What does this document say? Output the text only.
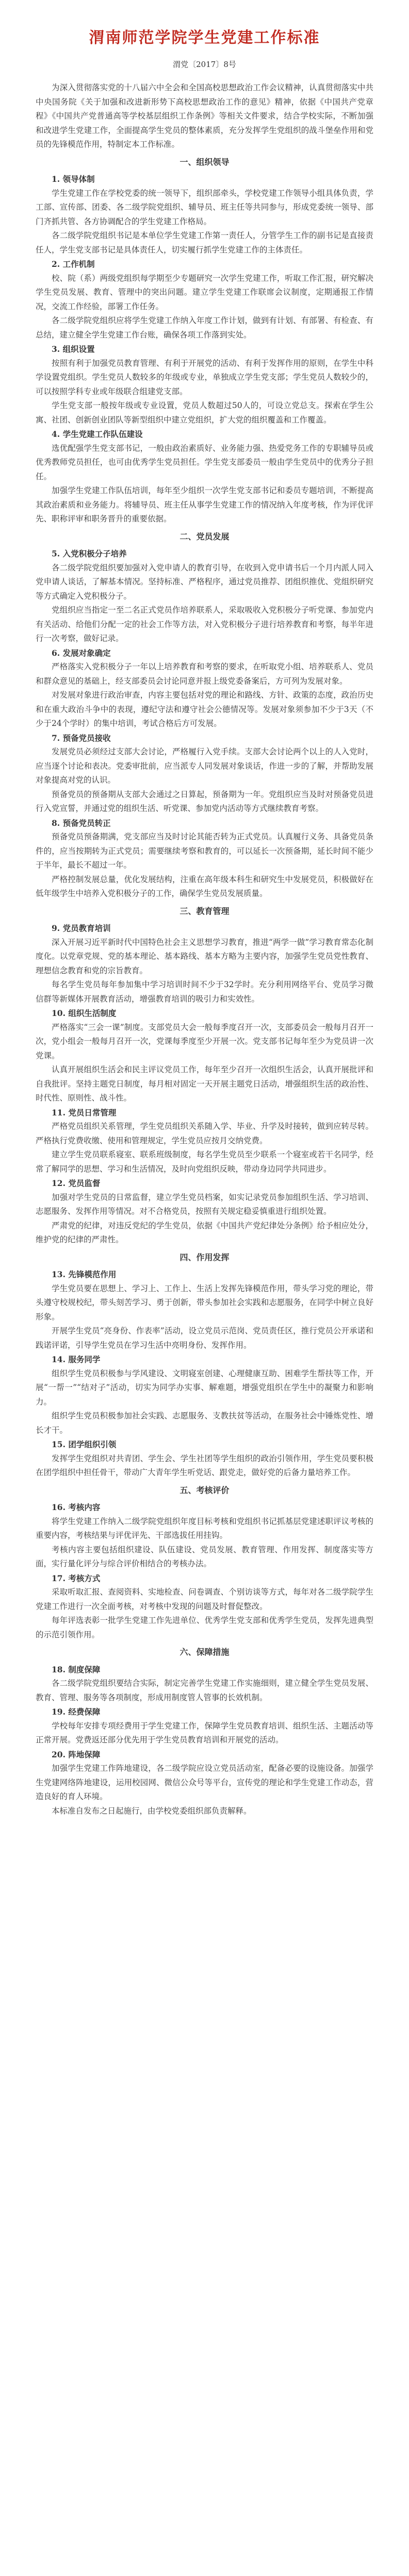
渭南师范学院学生党建工作标准
渭党〔2017〕8号

为深入贯彻落实党的十八届六中全会和全国高校思想政治工作会议精神，认真贯彻落实中共中央国务院《关于加强和改进新形势下高校思想政治工作的意见》精神，依据《中国共产党章程》《中国共产党普通高等学校基层组织工作条例》等相关文件要求，结合学校实际，不断加强和改进学生党建工作，全面提高学生党员的整体素质，充分发挥学生党组织的战斗堡垒作用和党员的先锋模范作用，特制定本工作标准。

一、组织领导

1. 领导体制

学生党建工作在学校党委的统一领导下，组织部牵头，学校党建工作领导小组具体负责，学工部、宣传部、团委、各二级学院党组织、辅导员、班主任等共同参与，形成党委统一领导、部门齐抓共管、各方协调配合的学生党建工作格局。

各二级学院党组织书记是本单位学生党建工作第一责任人，分管学生工作的副书记是直接责任人，学生党支部书记是具体责任人，切实履行抓学生党建工作的主体责任。

2. 工作机制

校、院（系）两级党组织每学期至少专题研究一次学生党建工作，听取工作汇报，研究解决学生党员发展、教育、管理中的突出问题。建立学生党建工作联席会议制度，定期通报工作情况，交流工作经验，部署工作任务。

各二级学院党组织应将学生党建工作纳入年度工作计划，做到有计划、有部署、有检查、有总结，建立健全学生党建工作台账，确保各项工作落到实处。

3. 组织设置

按照有利于加强党员教育管理、有利于开展党的活动、有利于发挥作用的原则，在学生中科学设置党组织。学生党员人数较多的年级或专业，单独成立学生党支部；学生党员人数较少的，可以按照学科专业或年级联合组建党支部。

学生党支部一般按年级或专业设置，党员人数超过50人的，可设立党总支。探索在学生公寓、社团、创新创业团队等新型组织中建立党组织，扩大党的组织覆盖和工作覆盖。

4. 学生党建工作队伍建设

选优配强学生党支部书记，一般由政治素质好、业务能力强、热爱党务工作的专职辅导员或优秀教师党员担任，也可由优秀学生党员担任。学生党支部委员一般由学生党员中的优秀分子担任。

加强学生党建工作队伍培训，每年至少组织一次学生党支部书记和委员专题培训，不断提高其政治素质和业务能力。将辅导员、班主任从事学生党建工作的情况纳入年度考核，作为评优评先、职称评审和职务晋升的重要依据。

二、党员发展

5. 入党积极分子培养

各二级学院党组织要加强对入党申请人的教育引导，在收到入党申请书后一个月内派人同入党申请人谈话，了解基本情况。坚持标准、严格程序，通过党员推荐、团组织推优、党组织研究等方式确定入党积极分子。

党组织应当指定一至二名正式党员作培养联系人，采取吸收入党积极分子听党课、参加党内有关活动、给他们分配一定的社会工作等方法，对入党积极分子进行培养教育和考察，每半年进行一次考察，做好记录。

6. 发展对象确定

严格落实入党积极分子一年以上培养教育和考察的要求，在听取党小组、培养联系人、党员和群众意见的基础上，经支部委员会讨论同意并报上级党委备案后，方可列为发展对象。

对发展对象进行政治审查，内容主要包括对党的理论和路线、方针、政策的态度，政治历史和在重大政治斗争中的表现，遵纪守法和遵守社会公德情况等。发展对象须参加不少于3天（不少于24个学时）的集中培训，考试合格后方可发展。

7. 预备党员接收

发展党员必须经过支部大会讨论，严格履行入党手续。支部大会讨论两个以上的人入党时，应当逐个讨论和表决。党委审批前，应当派专人同发展对象谈话，作进一步的了解，并帮助发展对象提高对党的认识。

预备党员的预备期从支部大会通过之日算起，预备期为一年。党组织应当及时对预备党员进行入党宣誓，并通过党的组织生活、听党课、参加党内活动等方式继续教育考察。

8. 预备党员转正

预备党员预备期满，党支部应当及时讨论其能否转为正式党员。认真履行义务、具备党员条件的，应当按期转为正式党员；需要继续考察和教育的，可以延长一次预备期，延长时间不能少于半年，最长不超过一年。

严格控制发展总量，优化发展结构，注重在高年级本科生和研究生中发展党员，积极做好在低年级学生中培养入党积极分子的工作，确保学生党员发展质量。

三、教育管理

9. 党员教育培训

深入开展习近平新时代中国特色社会主义思想学习教育，推进“两学一做”学习教育常态化制度化。以党章党规、党的基本理论、基本路线、基本方略为主要内容，加强学生党员党性教育、理想信念教育和党的宗旨教育。

每名学生党员每年参加集中学习培训时间不少于32学时。充分利用网络平台、党员学习微信群等新媒体开展教育活动，增强教育培训的吸引力和实效性。

10. 组织生活制度

严格落实“三会一课”制度。支部党员大会一般每季度召开一次，支部委员会一般每月召开一次，党小组会一般每月召开一次，党课每季度至少开展一次。党支部书记每年至少为党员讲一次党课。

认真开展组织生活会和民主评议党员工作，每年至少召开一次组织生活会，认真开展批评和自我批评。坚持主题党日制度，每月相对固定一天开展主题党日活动，增强组织生活的政治性、时代性、原则性、战斗性。

11. 党员日常管理

严格党员组织关系管理，学生党员组织关系随入学、毕业、升学及时接转，做到应转尽转。严格执行党费收缴、使用和管理规定，学生党员应按月交纳党费。

建立学生党员联系寝室、联系班级制度，每名学生党员至少联系一个寝室或若干名同学，经常了解同学的思想、学习和生活情况，及时向党组织反映，带动身边同学共同进步。

12. 党员监督

加强对学生党员的日常监督，建立学生党员档案，如实记录党员参加组织生活、学习培训、志愿服务、发挥作用等情况。对不合格党员，按照有关规定稳妥慎重进行组织处置。

严肃党的纪律，对违反党纪的学生党员，依据《中国共产党纪律处分条例》给予相应处分，维护党的纪律的严肃性。

四、作用发挥

13. 先锋模范作用

学生党员要在思想上、学习上、工作上、生活上发挥先锋模范作用，带头学习党的理论，带头遵守校规校纪，带头刻苦学习、勇于创新，带头参加社会实践和志愿服务，在同学中树立良好形象。

开展学生党员“亮身份、作表率”活动，设立党员示范岗、党员责任区，推行党员公开承诺和践诺评诺，引导学生党员在学习生活中亮明身份、发挥作用。

14. 服务同学

组织学生党员积极参与学风建设、文明寝室创建、心理健康互助、困难学生帮扶等工作，开展“一帮一”“结对子”活动，切实为同学办实事、解难题，增强党组织在学生中的凝聚力和影响力。

组织学生党员积极参加社会实践、志愿服务、支教扶贫等活动，在服务社会中锤炼党性、增长才干。

15. 团学组织引领

发挥学生党组织对共青团、学生会、学生社团等学生组织的政治引领作用，学生党员要积极在团学组织中担任骨干，带动广大青年学生听党话、跟党走，做好党的后备力量培养工作。

五、考核评价

16. 考核内容

将学生党建工作纳入二级学院党组织年度目标考核和党组织书记抓基层党建述职评议考核的重要内容，考核结果与评优评先、干部选拔任用挂钩。

考核内容主要包括组织建设、队伍建设、党员发展、教育管理、作用发挥、制度落实等方面，实行量化评分与综合评价相结合的考核办法。

17. 考核方式

采取听取汇报、查阅资料、实地检查、问卷调查、个别访谈等方式，每年对各二级学院学生党建工作进行一次全面考核，对考核中发现的问题及时督促整改。

每年评选表彰一批学生党建工作先进单位、优秀学生党支部和优秀学生党员，发挥先进典型的示范引领作用。

六、保障措施

18. 制度保障

各二级学院党组织要结合实际，制定完善学生党建工作实施细则，建立健全学生党员发展、教育、管理、服务等各项制度，形成用制度管人管事的长效机制。

19. 经费保障

学校每年安排专项经费用于学生党建工作，保障学生党员教育培训、组织生活、主题活动等正常开展。党费返还部分优先用于学生党员教育培训和开展党的活动。

20. 阵地保障

加强学生党建工作阵地建设，各二级学院应设立党员活动室，配备必要的设施设备。加强学生党建网络阵地建设，运用校园网、微信公众号等平台，宣传党的理论和学生党建工作动态，营造良好的育人环境。

本标准自发布之日起施行，由学校党委组织部负责解释。
